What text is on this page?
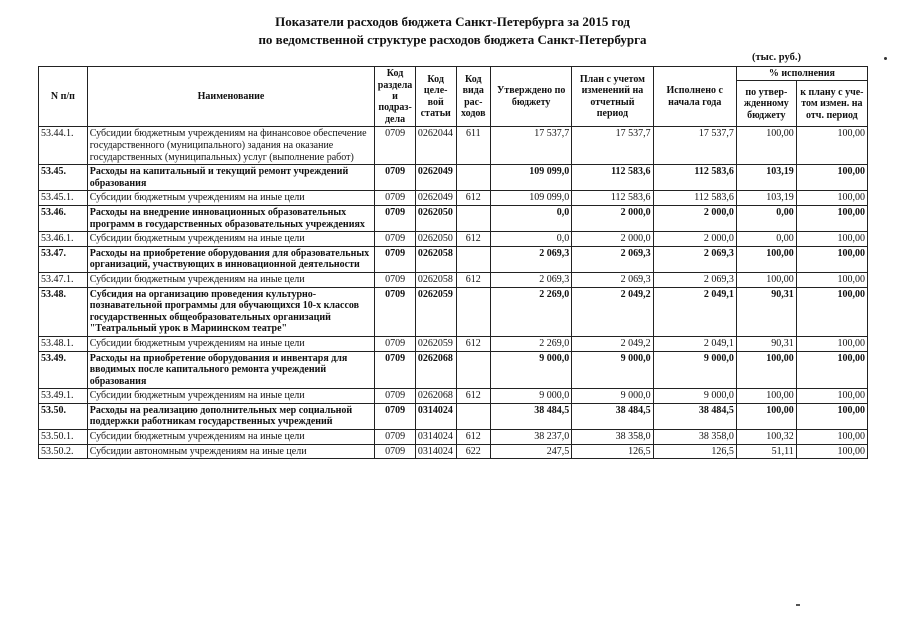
Показатели расходов бюджета Санкт-Петербурга за 2015 год
по ведомственной структуре расходов бюджета Санкт-Петербурга
(тыс. руб.)
N п/п	Наименование	Код раздела и подраз-дела	Код целе-вой статьи	Код вида рас-ходов	Утверждено по бюджету	План с учетом изменений на отчетный период	Исполнено с начала года	% исполнения	
								по утвер-жденному бюджету	к плану с уче-том измен. на отч. период
53.44.1.	Субсидии бюджетным учреждениям на финансовое обеспечение государственного (муниципального) задания на оказание государственных (муниципальных) услуг (выполнение работ)	0709	0262044	611	17 537,7	17 537,7	17 537,7	100,00	100,00
53.45.	Расходы на капитальный и текущий ремонт учреждений образования	0709	0262049		109 099,0	112 583,6	112 583,6	103,19	100,00
53.45.1.	Субсидии бюджетным учреждениям на иные цели	0709	0262049	612	109 099,0	112 583,6	112 583,6	103,19	100,00
53.46.	Расходы на внедрение инновационных образовательных программ в государственных образовательных учреждениях	0709	0262050		0,0	2 000,0	2 000,0	0,00	100,00
53.46.1.	Субсидии бюджетным учреждениям на иные цели	0709	0262050	612	0,0	2 000,0	2 000,0	0,00	100,00
53.47.	Расходы на приобретение оборудования для образовательных организаций, участвующих в инновационной деятельности	0709	0262058		2 069,3	2 069,3	2 069,3	100,00	100,00
53.47.1.	Субсидии бюджетным учреждениям на иные цели	0709	0262058	612	2 069,3	2 069,3	2 069,3	100,00	100,00
53.48.	Субсидия на организацию проведения культурно-познавательной программы для обучающихся 10-х классов государственных общеобразовательных организаций "Театральный урок в Мариинском театре"	0709	0262059		2 269,0	2 049,2	2 049,1	90,31	100,00
53.48.1.	Субсидии бюджетным учреждениям на иные цели	0709	0262059	612	2 269,0	2 049,2	2 049,1	90,31	100,00
53.49.	Расходы на приобретение оборудования и инвентаря для вводимых после капитального ремонта учреждений образования	0709	0262068		9 000,0	9 000,0	9 000,0	100,00	100,00
53.49.1.	Субсидии бюджетным учреждениям на иные цели	0709	0262068	612	9 000,0	9 000,0	9 000,0	100,00	100,00
53.50.	Расходы на реализацию дополнительных мер социальной поддержки работникам государственных учреждений	0709	0314024		38 484,5	38 484,5	38 484,5	100,00	100,00
53.50.1.	Субсидии бюджетным учреждениям на иные цели	0709	0314024	612	38 237,0	38 358,0	38 358,0	100,32	100,00
53.50.2.	Субсидии автономным учреждениям на иные цели	0709	0314024	622	247,5	126,5	126,5	51,11	100,00
